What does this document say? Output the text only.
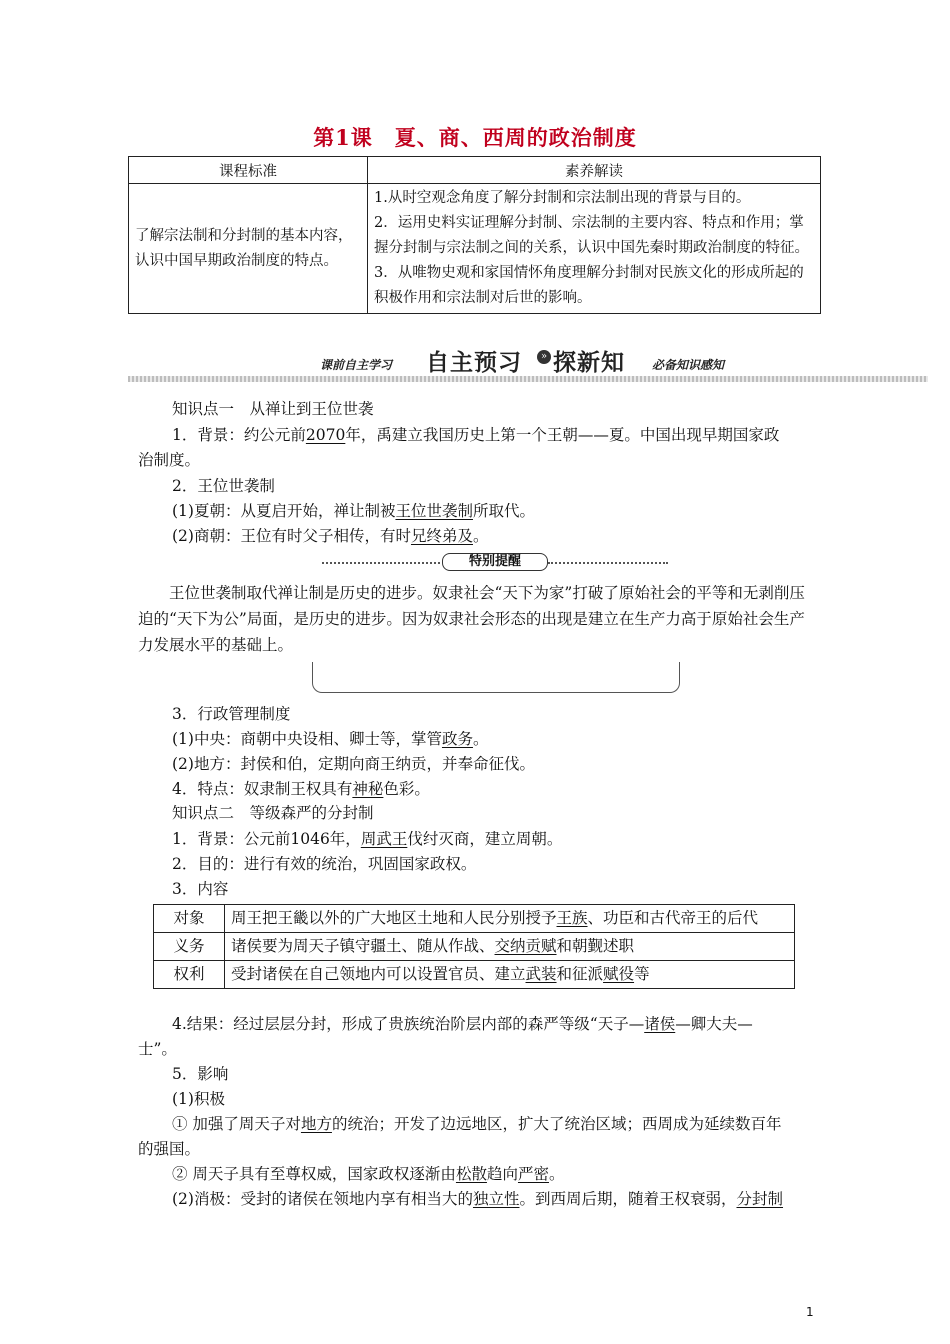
第1课　夏、商、西周的政治制度
课程标准	素养解读
了解宗法制和分封制的基本内容，认识中国早期政治制度的特点。	1.从时空观念角度了解分封制和宗法制出现的背景与目的。
2．运用史料实证理解分封制、宗法制的主要内容、特点和作用；掌握分封制与宗法制之间的关系，认识中国先秦时期政治制度的特征。
3．从唯物史观和家国情怀角度理解分封制对民族文化的形成所起的积极作用和宗法制对后世的影响。
课前自主学习 自主预习	» 探新知 必备知识感知
知识点一　从禅让到王位世袭
1．背景：约公元前2070年，禹建立我国历史上第一个王朝——夏。中国出现早期国家政
治制度。
2．王位世袭制
(1)夏朝：从夏启开始，禅让制被王位世袭制所取代。
(2)商朝：王位有时父子相传，有时兄终弟及。
特别提醒

王位世袭制取代禅让制是历史的进步。奴隶社会“天下为家”打破了原始社会的平等和无剥削压迫的“天下为公”局面，是历史的进步。因为奴隶社会形态的出现是建立在生产力高于原始社会生产力发展水平的基础上。

3．行政管理制度
(1)中央：商朝中央设相、卿士等，掌管政务。
(2)地方：封侯和伯，定期向商王纳贡，并奉命征伐。
4．特点：奴隶制王权具有神秘色彩。
知识点二　等级森严的分封制
1．背景：公元前1046年，周武王伐纣灭商，建立周朝。
2．目的：进行有效的统治，巩固国家政权。
3．内容
对象	周王把王畿以外的广大地区土地和人民分别授予王族、功臣和古代帝王的后代
义务	诸侯要为周天子镇守疆土、随从作战、交纳贡赋和朝觐述职
权利	受封诸侯在自己领地内可以设置官员、建立武装和征派赋役等
4.结果：经过层层分封，形成了贵族统治阶层内部的森严等级“天子—诸侯—卿大夫—
士”。
5．影响
(1)积极
① 加强了周天子对地方的统治；开发了边远地区，扩大了统治区域；西周成为延续数百年
的强国。
② 周天子具有至尊权威，国家政权逐渐由松散趋向严密。
(2)消极：受封的诸侯在领地内享有相当大的独立性。到西周后期，随着王权衰弱，分封制
1
